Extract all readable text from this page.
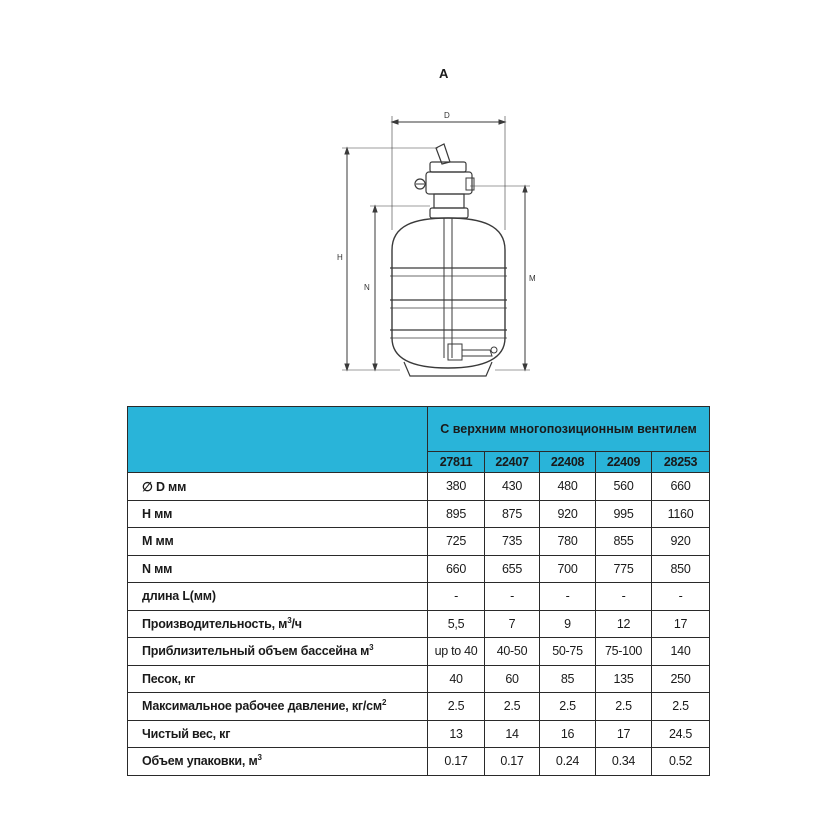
A
D
H
N
M
	С верхним многопозиционным вентилем				
	27811	22407	22408	22409	28253
∅ D мм	380	430	480	560	660
H мм	895	875	920	995	1160
M мм	725	735	780	855	920
N мм	660	655	700	775	850
длина L(мм)	-	-	-	-	-
Производительность, $м^3/ч$	5,5	7	9	12	17
Приблизительный объем бассейна $м^3$	up to 40	40-50	50-75	75-100	140
Песок, кг	40	60	85	135	250
Максимальное рабочее давление, $кг/см^2$	2.5	2.5	2.5	2.5	2.5
Чистый вес, кг	13	14	16	17	24.5
Объем упаковки, $м^3$	0.17	0.17	0.24	0.34	0.52
